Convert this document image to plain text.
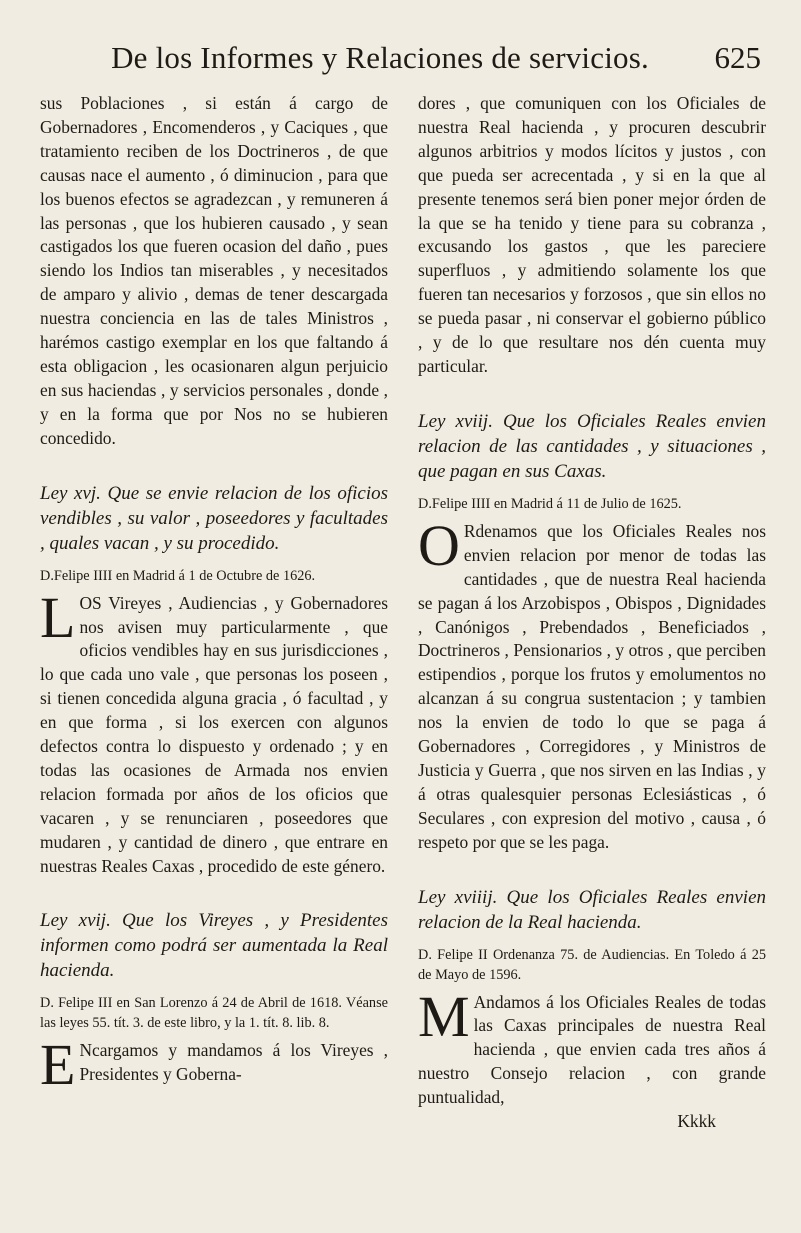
De los Informes y Relaciones de servicios.	625

sus Poblaciones , si están á cargo de Gobernadores , Encomenderos , y Caciques , que tratamiento reciben de los Doctrineros , de que causas nace el aumento , ó diminucion , para que los buenos efectos se agradezcan , y remuneren á las personas , que los hubieren causado , y sean castigados los que fueren ocasion del daño , pues siendo los Indios tan miserables , y necesitados de amparo y alivio , demas de tener descargada nuestra conciencia en las de tales Ministros , harémos castigo exemplar en los que faltando á esta obligacion , les ocasionaren algun perjuicio en sus haciendas , y servicios personales , donde , y en la forma que por Nos no se hubieren concedido.

Ley xvj. Que se envie relacion de los oficios vendibles , su valor , poseedores y facultades , quales vacan , y su procedido.

D.Felipe IIII en Madrid á 1 de Octubre de 1626.

LOS Vireyes , Audiencias , y Gobernadores nos avisen muy particularmente , que oficios vendibles hay en sus jurisdicciones , lo que cada uno vale , que personas los poseen , si tienen concedida alguna gracia , ó facultad , y en que forma , si los exercen con algunos defectos contra lo dispuesto y ordenado ; y en todas las ocasiones de Armada nos envien relacion formada por años de los oficios que vacaren , y se renunciaren , poseedores que mudaren , y cantidad de dinero , que entrare en nuestras Reales Caxas , procedido de este género.

Ley xvij. Que los Vireyes , y Presidentes informen como podrá ser aumentada la Real hacienda.

D. Felipe III en San Lorenzo á 24 de Abril de 1618. Véanse las leyes 55. tít. 3. de este libro, y la 1. tít. 8. lib. 8.

E Ncargamos y mandamos á los Vireyes , Presidentes y Goberna-

dores , que comuniquen con los Oficiales de nuestra Real hacienda , y procuren descubrir algunos arbitrios y modos lícitos y justos , con que pueda ser acrecentada , y si en la que al presente tenemos será bien poner mejor órden de la que se ha tenido y tiene para su cobranza , excusando los gastos , que les pareciere superfluos , y admitiendo solamente los que fueren tan necesarios y forzosos , que sin ellos no se pueda pasar , ni conservar el gobierno público , y de lo que resultare nos dén cuenta muy particular.

Ley xviij. Que los Oficiales Reales envien relacion de las cantidades , y situaciones , que pagan en sus Caxas.

D.Felipe IIII en Madrid á 11 de Julio de 1625.

O Rdenamos que los Oficiales Reales nos envien relacion por menor de todas las cantidades , que de nuestra Real hacienda se pagan á los Arzobispos , Obispos , Dignidades , Canónigos , Prebendados , Beneficiados , Doctrineros , Pensionarios , y otros , que perciben estipendios , porque los frutos y emolumentos no alcanzan á su congrua sustentacion ; y tambien nos la envien de todo lo que se paga á Gobernadores , Corregidores , y Ministros de Justicia y Guerra , que nos sirven en las Indias , y á otras qualesquier personas Eclesiásticas , ó Seculares , con expresion del motivo , causa , ó respeto por que se les paga.

Ley xviiij. Que los Oficiales Reales envien relacion de la Real hacienda.

D. Felipe II Ordenanza 75. de Audiencias. En Toledo á 25 de Mayo de 1596.

M Andamos á los Oficiales Reales de todas las Caxas principales de nuestra Real hacienda , que envien cada tres años á nuestro Consejo relacion , con grande puntualidad,

Kkkk
